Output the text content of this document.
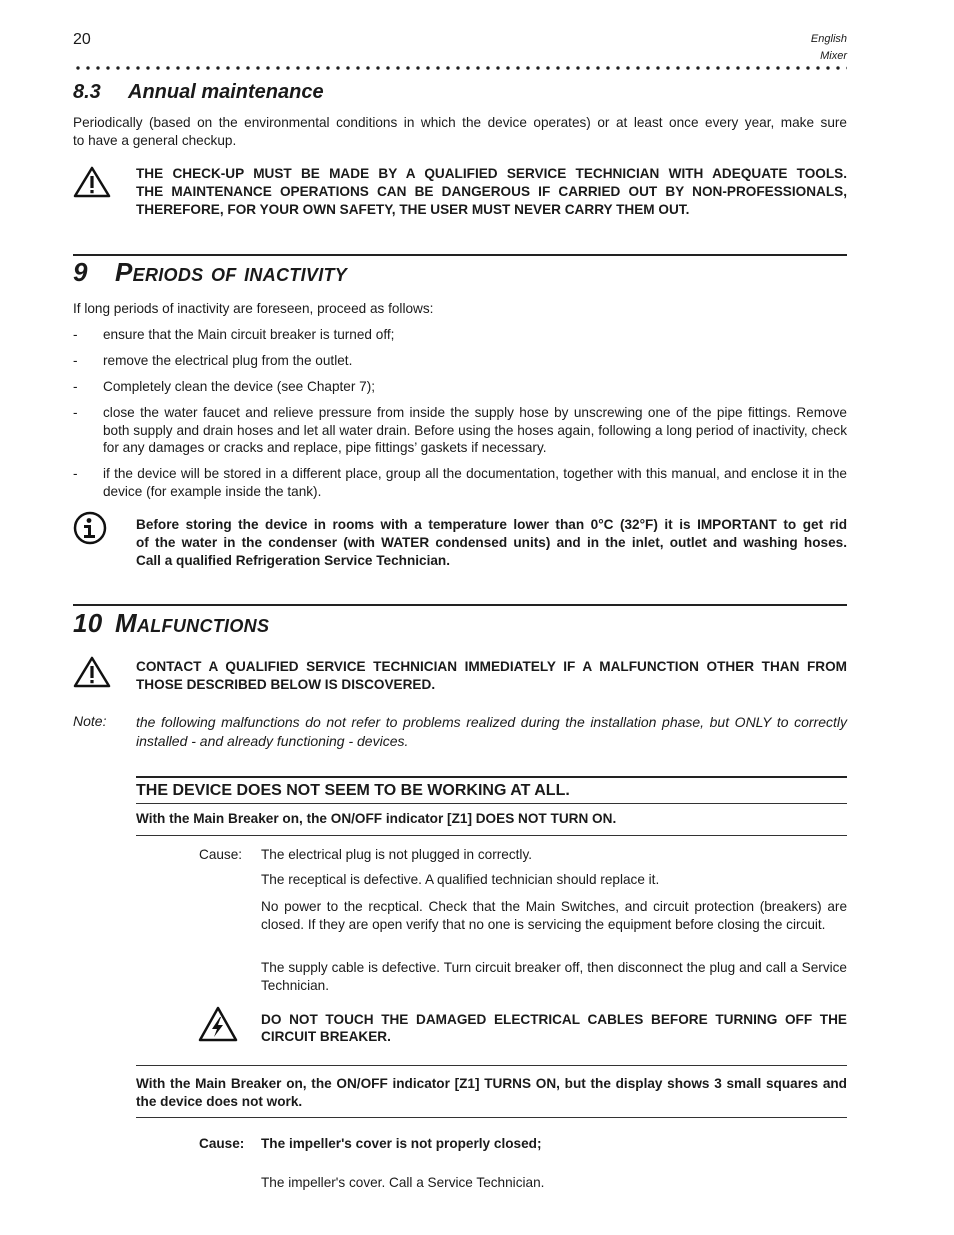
20	English
Mixer
8.3 Annual maintenance
Periodically (based on the environmental conditions in which the device operates) or at least once every year, make sure
to have a general checkup.
THE CHECK-UP MUST BE MADE BY A QUALIFIED SERVICE TECHNICIAN WITH ADEQUATE TOOLS.
THE MAINTENANCE OPERATIONS CAN BE DANGEROUS IF CARRIED OUT BY NON-PROFESSIONALS,
THEREFORE, FOR YOUR OWN SAFETY, THE USER MUST NEVER CARRY THEM OUT.
9 Periods of inactivity
If long periods of inactivity are foreseen, proceed as follows:
- ensure that the Main circuit breaker is turned off;
- remove the electrical plug from the outlet.
- Completely clean the device (see Chapter 7);
- close the water faucet and relieve pressure from inside the supply hose by unscrewing one of the pipe fittings. Remove both supply and drain hoses and let all water drain. Before using the hoses again, following a long period of inactivity, check for any damages or cracks and replace, pipe fittings’ gaskets if necessary.
- if the device will be stored in a different place, group all the documentation, together with this manual, and enclose it in the device (for example inside the tank).
Before storing the device in rooms with a temperature lower than 0°C (32°F) it is IMPORTANT to get rid
of the water in the condenser (with WATER condensed units) and in the inlet, outlet and washing hoses.
Call a qualified Refrigeration Service Technician.
10 Malfunctions
CONTACT A QUALIFIED SERVICE TECHNICIAN IMMEDIATELY IF A MALFUNCTION OTHER THAN FROM
THOSE DESCRIBED BELOW IS DISCOVERED.
Note: the following malfunctions do not refer to problems realized during the installation phase, but ONLY to correctly installed - and already functioning - devices.
THE DEVICE DOES NOT SEEM TO BE WORKING AT ALL.
With the Main Breaker on, the ON/OFF indicator [Z1] DOES NOT TURN ON.
Cause: The electrical plug is not plugged in correctly.
The receptical is defective. A qualified technician should replace it.
No power to the recptical. Check that the Main Switches, and circuit protection (breakers) are closed. If they are open verify that no one is servicing the equipment before closing the circuit.
The supply cable is defective. Turn circuit breaker off, then disconnect the plug and call a Service Technician.
DO NOT TOUCH THE DAMAGED ELECTRICAL CABLES BEFORE TURNING OFF THE
CIRCUIT BREAKER.
With the Main Breaker on, the ON/OFF indicator [Z1] TURNS ON, but the display shows 3 small squares and the device does not work.
Cause: The impeller's cover is not properly closed;
The impeller's cover. Call a Service Technician.
